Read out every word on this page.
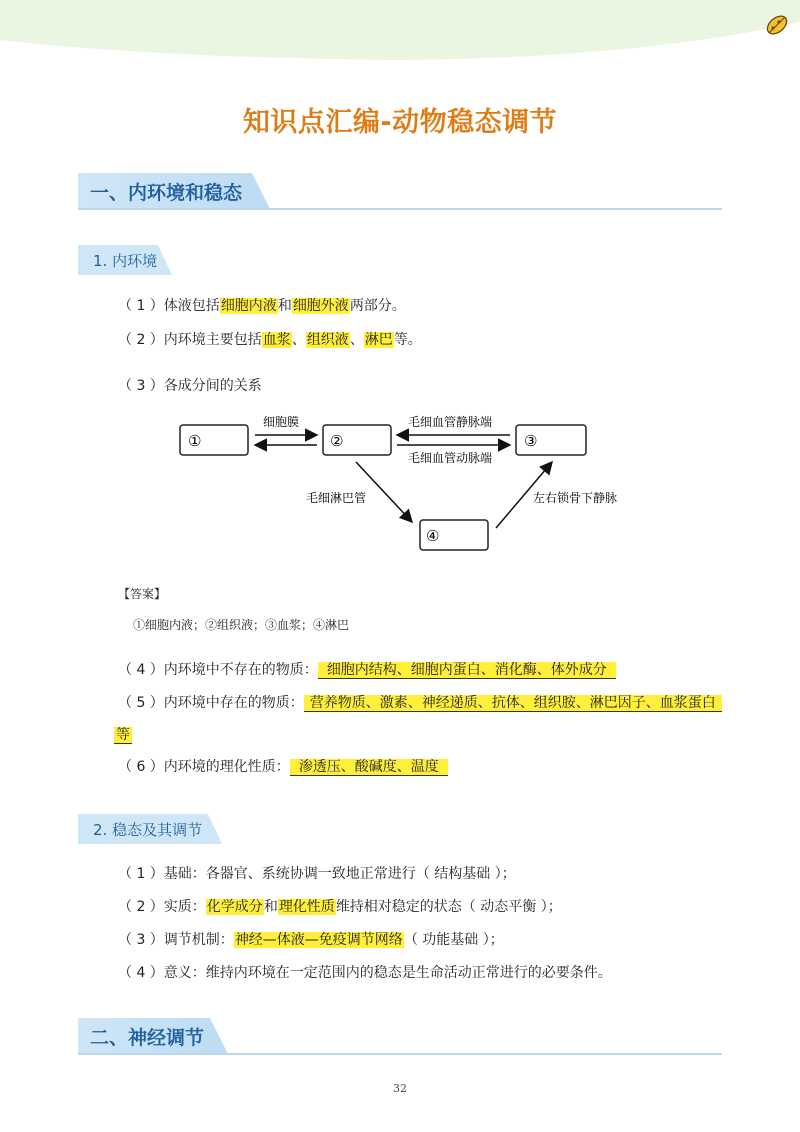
知识点汇编-动物稳态调节
一、内环境和稳态
1. 内环境
（ 1 ）体液包括细胞内液和细胞外液两部分。
（ 2 ）内环境主要包括血浆、组织液、淋巴等。
（ 3 ）各成分间的关系
①	②	③
④
细胞膜	毛细血管静脉端
毛细血管动脉端
毛细淋巴管	左右锁骨下静脉
【答案】
①细胞内液；②组织液；③血浆；④淋巴
（ 4 ）内环境中不存在的物质： 细胞内结构、细胞内蛋白、消化酶、体外成分
（ 5 ）内环境中存在的物质： 营养物质、激素、神经递质、抗体、组织胺、淋巴因子、血浆蛋白
等
（ 6 ）内环境的理化性质： 渗透压、酸碱度、温度
2. 稳态及其调节
（ 1 ）基础：各器官、系统协调一致地正常进行（ 结构基础 ）；
（ 2 ）实质：化学成分和理化性质维持相对稳定的状态（ 动态平衡 ）；
（ 3 ）调节机制：神经—体液—免疫调节网络（ 功能基础 ）；
（ 4 ）意义：维持内环境在一定范围内的稳态是生命活动正常进行的必要条件。
二、神经调节
32
